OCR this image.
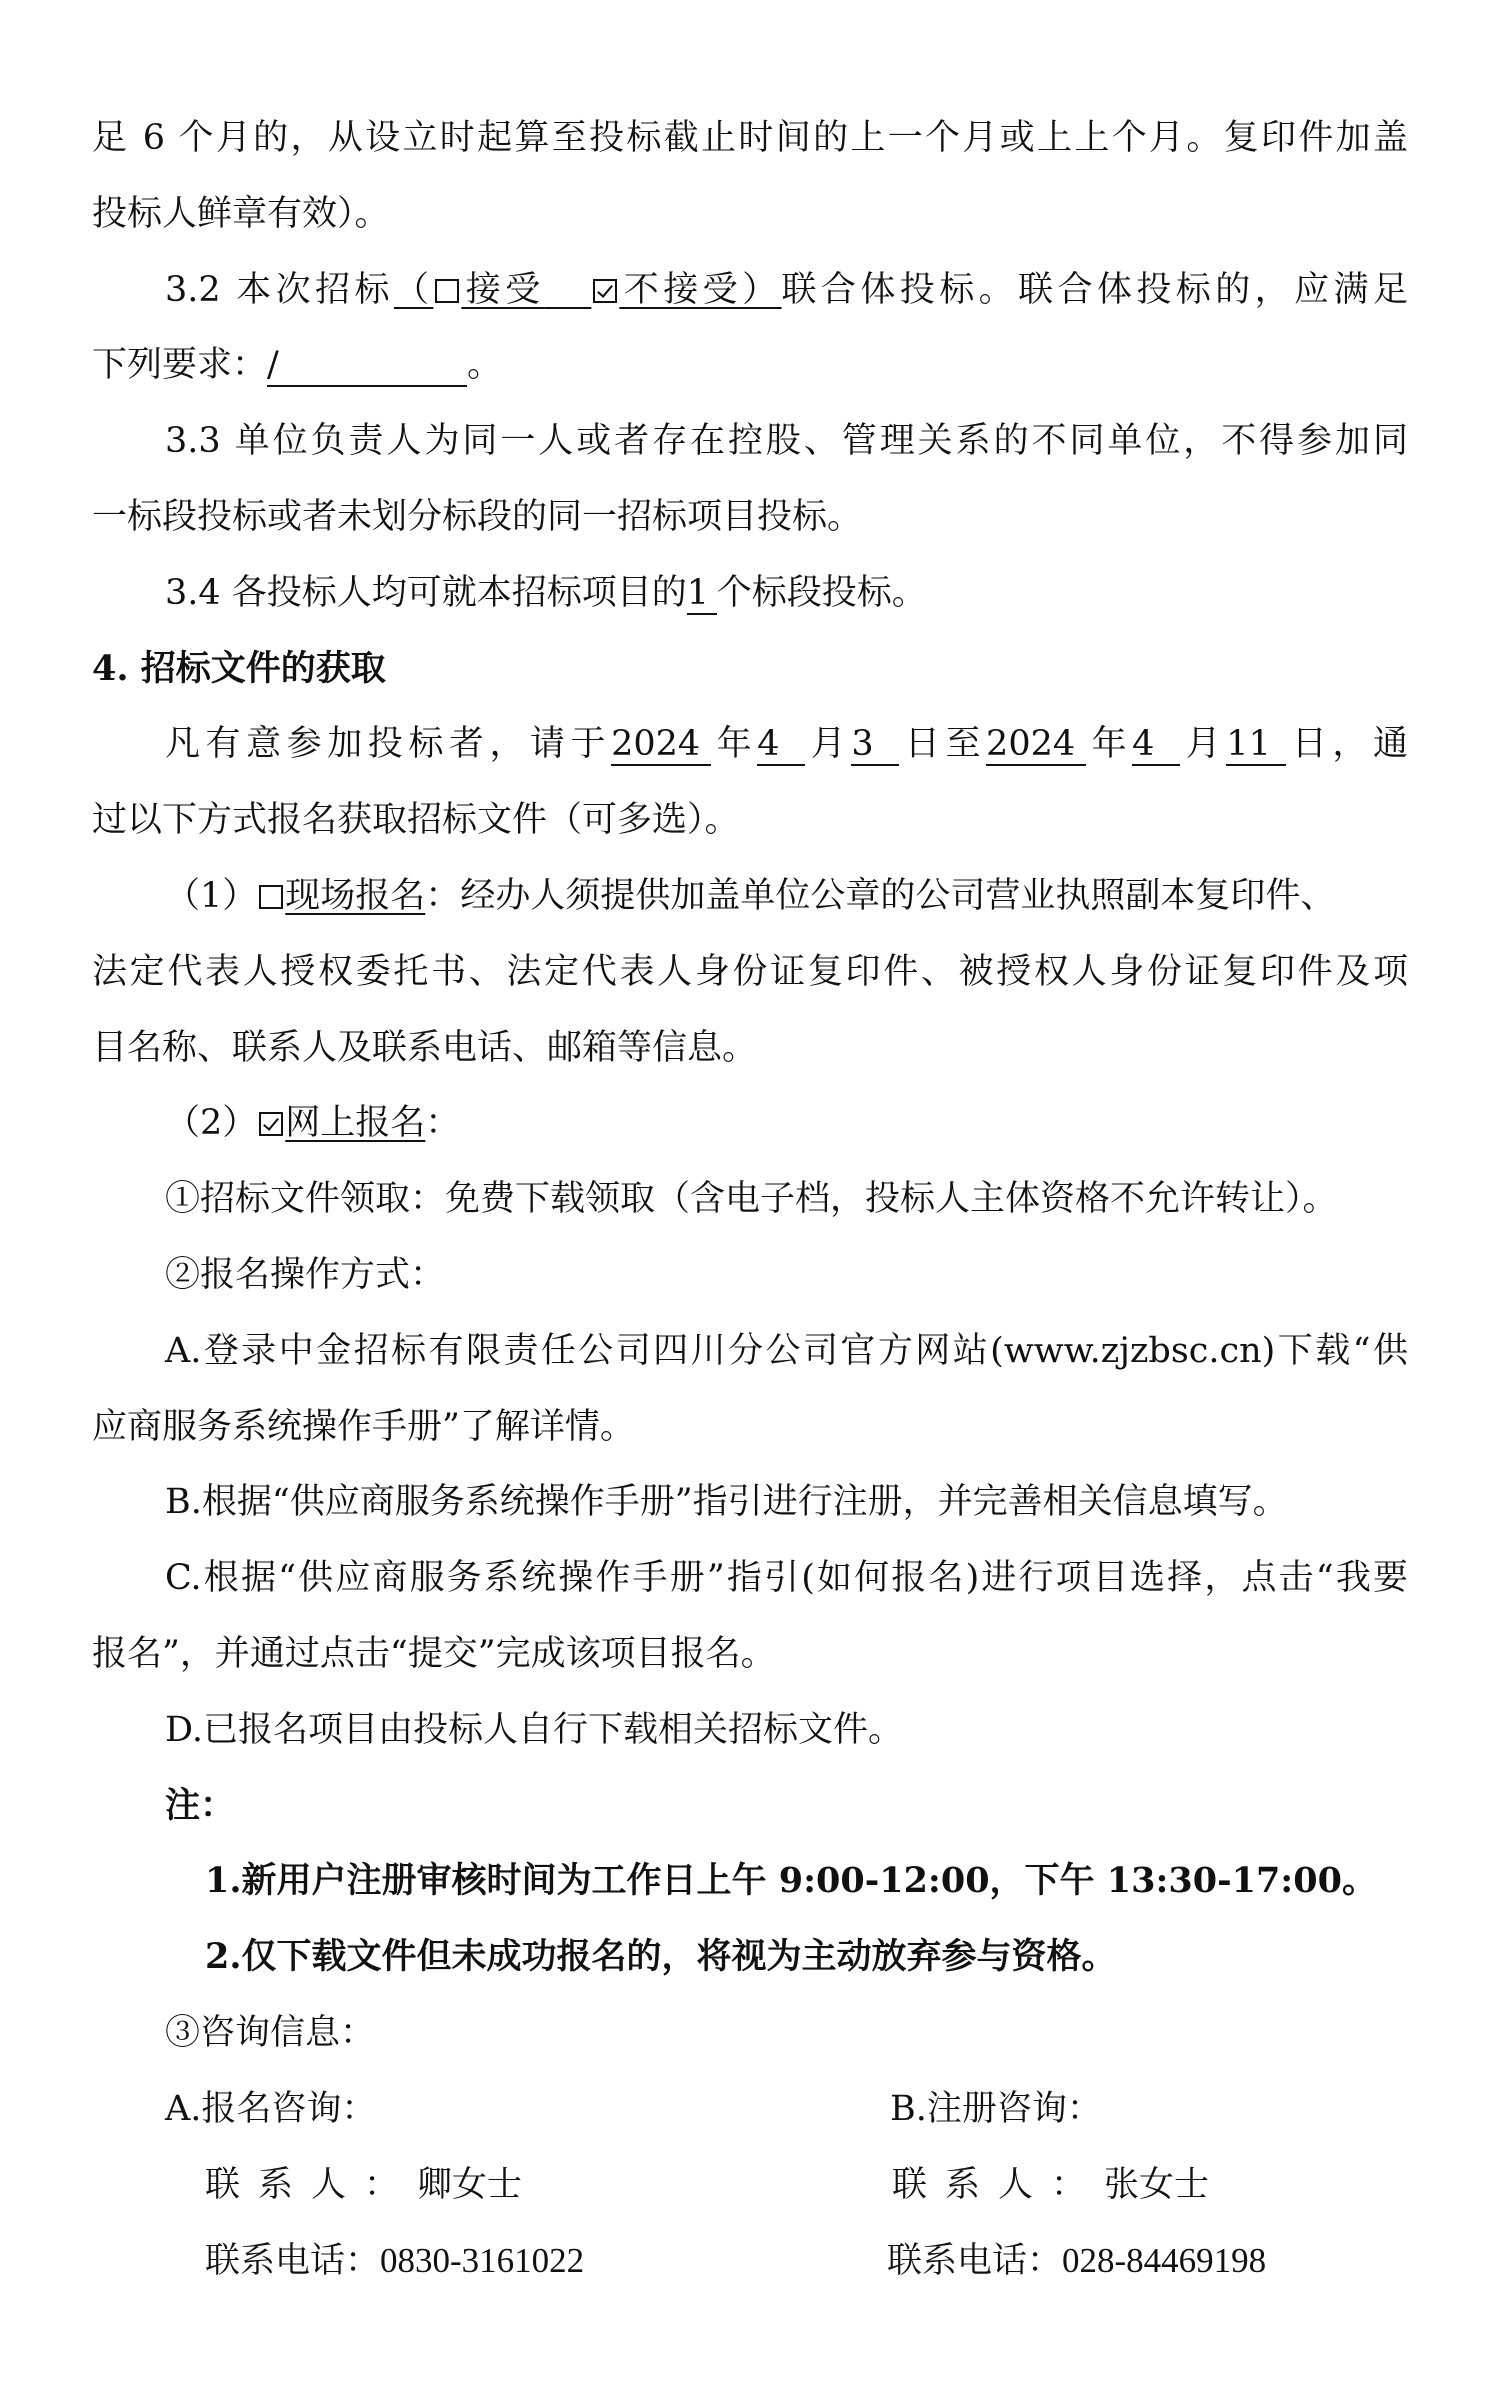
足 6 个月的，从设立时起算至投标截止时间的上一个月或上上个月。复印件加盖
投标人鲜章有效）。
3.2 本次招标（ 接受 不接受）联合体投标。联合体投标的，应满足
下列要求：/	。
3.3 单位负责人为同一人或者存在控股、管理关系的不同单位，不得参加同
一标段投标或者未划分标段的同一招标项目投标。
3.4 各投标人均可就本招标项目的1 个标段投标。
4. 招标文件的获取
凡有意参加投标者，请于2024 年4 月3 日至2024 年4 月11 日，通
过以下方式报名获取招标文件（可多选）。
（1） 现场报名：经办人须提供加盖单位公章的公司营业执照副本复印件、
法定代表人授权委托书、法定代表人身份证复印件、被授权人身份证复印件及项
目名称、联系人及联系电话、邮箱等信息。
（2） 网上报名：
①招标文件领取：免费下载领取（含电子档，投标人主体资格不允许转让）。
②报名操作方式：
A.登录中金招标有限责任公司四川分公司官方网站(www.zjzbsc.cn)下载“供
应商服务系统操作手册”了解详情。
B.根据“供应商服务系统操作手册”指引进行注册，并完善相关信息填写。
C.根据“供应商服务系统操作手册”指引(如何报名)进行项目选择，点击“我要
报名”，并通过点击“提交”完成该项目报名。
D.已报名项目由投标人自行下载相关招标文件。
注：
1.新用户注册审核时间为工作日上午 9:00-12:00，下午 13:30-17:00。
2.仅下载文件但未成功报名的，将视为主动放弃参与资格。
③咨询信息：
A.报名咨询：	B.注册咨询：
联系人：卿女士	联系人：张女士
联系电话：0830-3161022	联系电话：028-84469198
